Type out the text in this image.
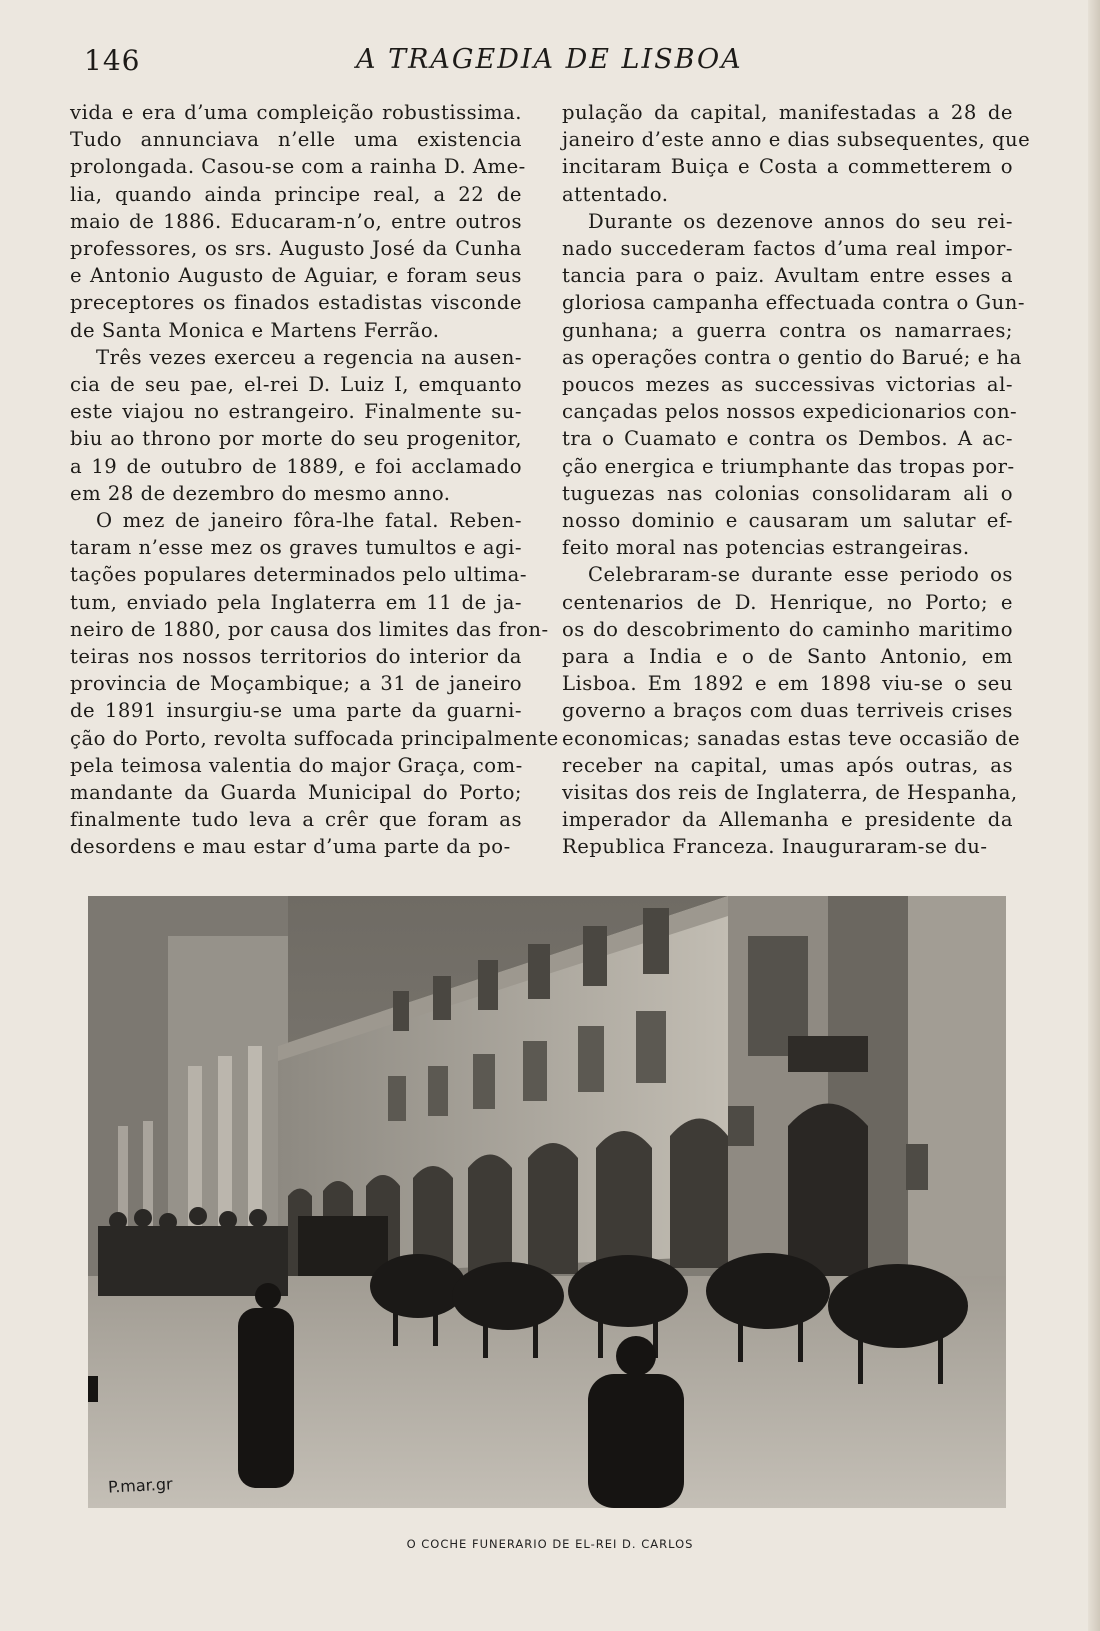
146	A TRAGEDIA DE LISBOA
vida e era d’uma compleição robustissima.
Tudo annunciava n’elle uma existencia
prolongada. Casou-se com a rainha D. Ame-
lia, quando ainda principe real, a 22 de
maio de 1886. Educaram-n’o, entre outros
professores, os srs. Augusto José da Cunha
e Antonio Augusto de Aguiar, e foram seus
preceptores os finados estadistas visconde
de Santa Monica e Martens Ferrão.
Três vezes exerceu a regencia na ausen-
cia de seu pae, el-rei D. Luiz I, emquanto
este viajou no estrangeiro. Finalmente su-
biu ao throno por morte do seu progenitor,
a 19 de outubro de 1889, e foi acclamado
em 28 de dezembro do mesmo anno.
O mez de janeiro fôra-lhe fatal. Reben-
taram n’esse mez os graves tumultos e agi-
tações populares determinados pelo ultima-
tum, enviado pela Inglaterra em 11 de ja-
neiro de 1880, por causa dos limites das fron-
teiras nos nossos territorios do interior da
provincia de Moçambique; a 31 de janeiro
de 1891 insurgiu-se uma parte da guarni-
ção do Porto, revolta suffocada principalmente
pela teimosa valentia do major Graça, com-
mandante da Guarda Municipal do Porto;
finalmente tudo leva a crêr que foram as
desordens e mau estar d’uma parte da po-
pulação da capital, manifestadas a 28 de
janeiro d’este anno e dias subsequentes, que
incitaram Buiça e Costa a commetterem o
attentado.
Durante os dezenove annos do seu rei-
nado succederam factos d’uma real impor-
tancia para o paiz. Avultam entre esses a
gloriosa campanha effectuada contra o Gun-
gunhana; a guerra contra os namarraes;
as operações contra o gentio do Barué; e ha
poucos mezes as successivas victorias al-
cançadas pelos nossos expedicionarios con-
tra o Cuamato e contra os Dembos. A ac-
ção energica e triumphante das tropas por-
tuguezas nas colonias consolidaram ali o
nosso dominio e causaram um salutar ef-
feito moral nas potencias estrangeiras.
Celebraram-se durante esse periodo os
centenarios de D. Henrique, no Porto; e
os do descobrimento do caminho maritimo
para a India e o de Santo Antonio, em
Lisboa. Em 1892 e em 1898 viu-se o seu
governo a braços com duas terriveis crises
economicas; sanadas estas teve occasião de
receber na capital, umas após outras, as
visitas dos reis de Inglaterra, de Hespanha,
imperador da Allemanha e presidente da
Republica Franceza. Inauguraram-se du-
P.mar.gr
O COCHE FUNERARIO DE EL-REI D. CARLOS
